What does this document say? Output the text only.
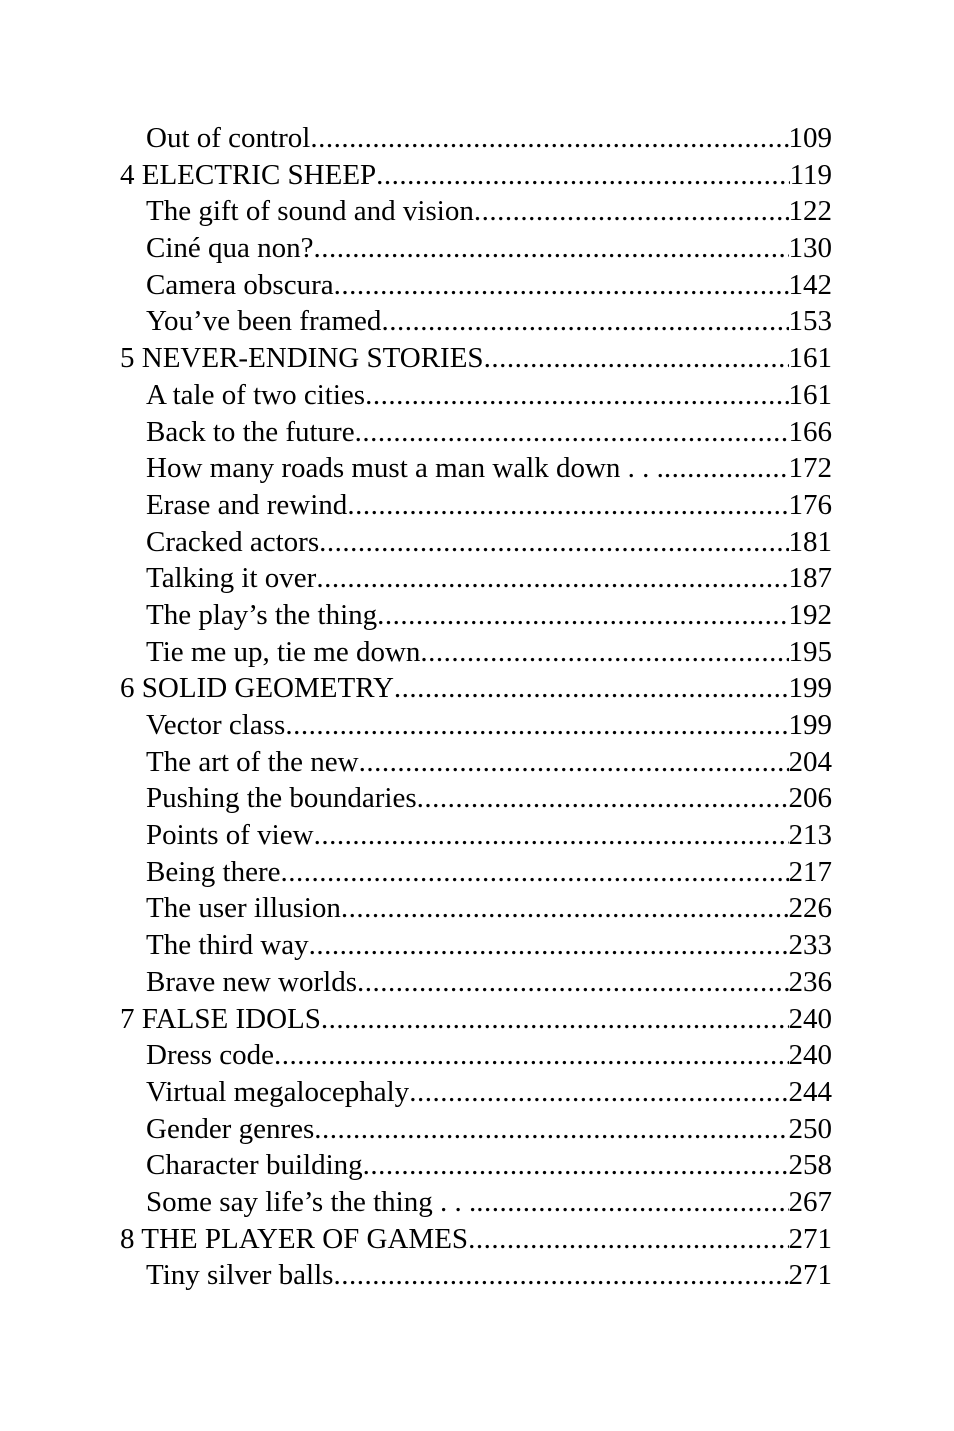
Out of control .....	109
4 ELECTRIC SHEEP .....	119
The gift of sound and vision .....	122
Ciné qua non? .....	130
Camera obscura .....	142
You’ve been framed .....	153
5 NEVER-ENDING STORIES .....	161
A tale of two cities .....	161
Back to the future .....	166
How many roads must a man walk down . . . .....	172
Erase and rewind .....	176
Cracked actors .....	181
Talking it over .....	187
The play’s the thing .....	192
Tie me up, tie me down .....	195
6 SOLID GEOMETRY .....	199
Vector class .....	199
The art of the new .....	204
Pushing the boundaries .....	206
Points of view .....	213
Being there .....	217
The user illusion .....	226
The third way .....	233
Brave new worlds .....	236
7 FALSE IDOLS .....	240
Dress code .....	240
Virtual megalocephaly .....	244
Gender genres .....	250
Character building .....	258
Some say life’s the thing . . . .....	267
8 THE PLAYER OF GAMES .....	271
Tiny silver balls .....	271
